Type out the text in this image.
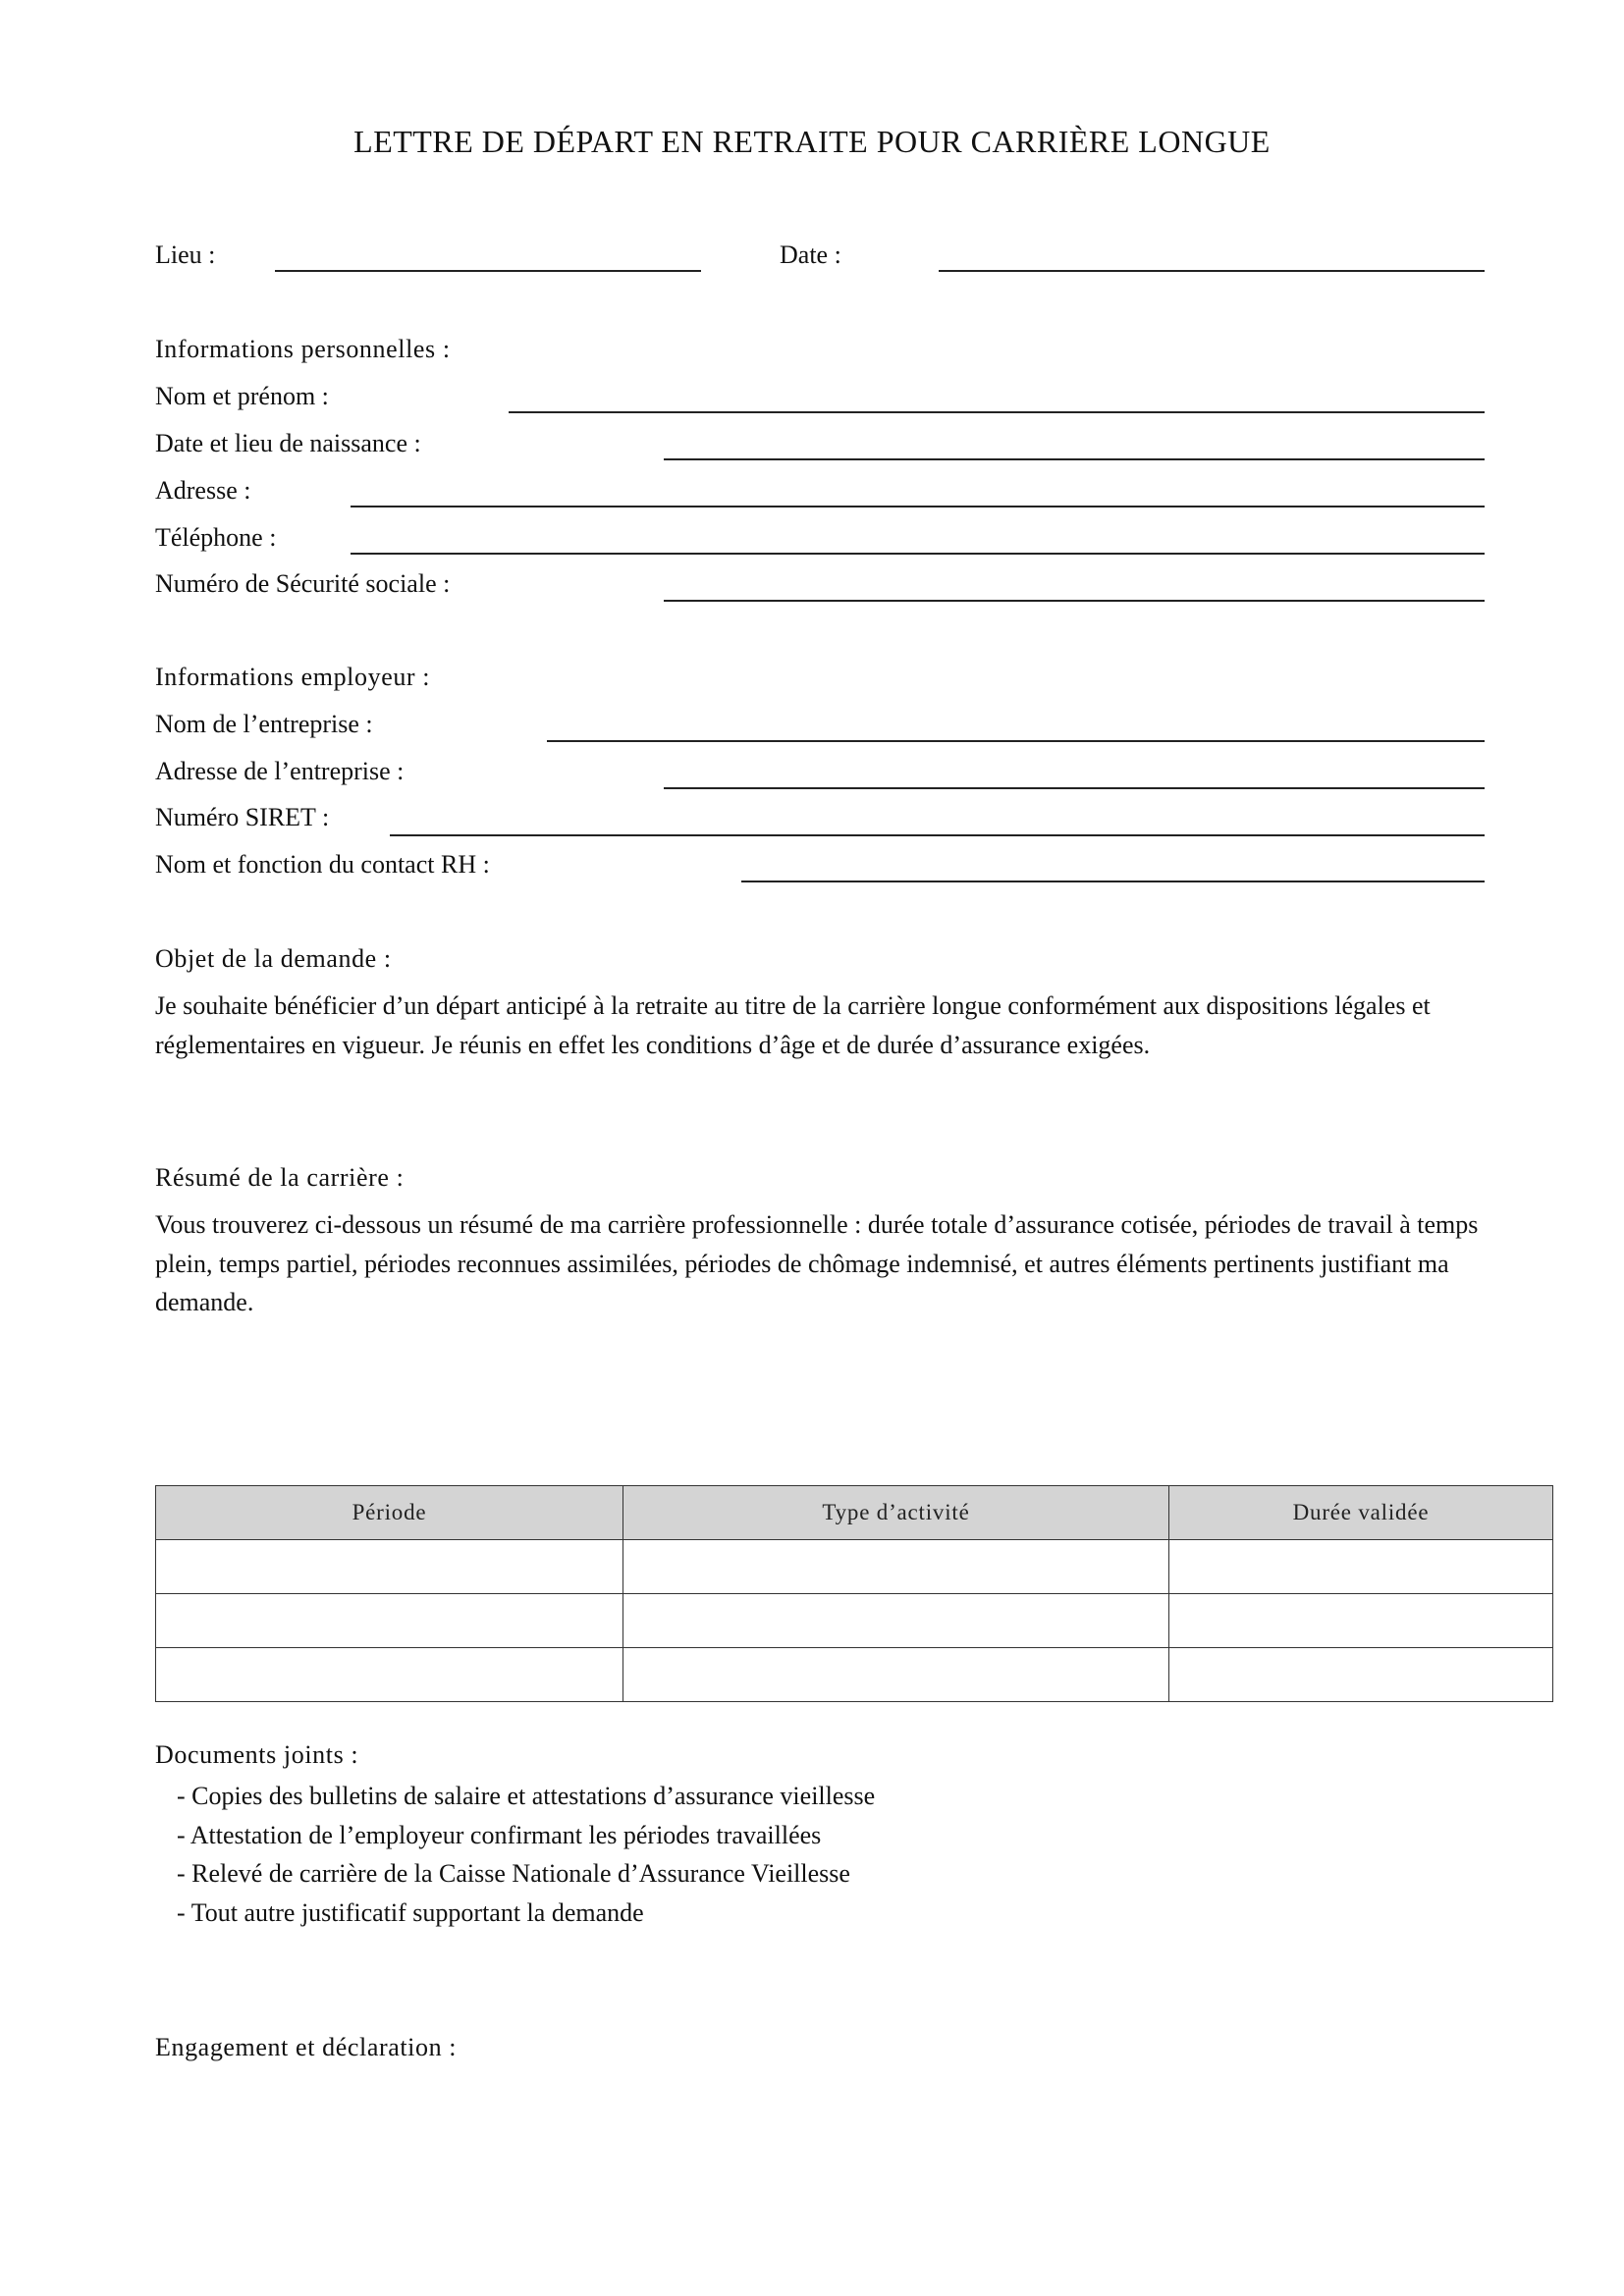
LETTRE DE DÉPART EN RETRAITE POUR CARRIÈRE LONGUE
Lieu :	Date :
Informations personnelles :
Nom et prénom :
Date et lieu de naissance :
Adresse :
Téléphone :
Numéro de Sécurité sociale :
Informations employeur :
Nom de l’entreprise :
Adresse de l’entreprise :
Numéro SIRET :
Nom et fonction du contact RH :
Objet de la demande :
Je souhaite bénéficier d’un départ anticipé à la retraite au titre de la carrière longue conformément aux dispositions légales et réglementaires en vigueur. Je réunis en effet les conditions d’âge et de durée d’assurance exigées.
Résumé de la carrière :
Vous trouverez ci-dessous un résumé de ma carrière professionnelle : durée totale d’assurance cotisée, périodes de travail à temps plein, temps partiel, périodes reconnues assimilées, périodes de chômage indemnisé, et autres éléments pertinents justifiant ma demande.
Période	Type d’activité	Durée validée

Documents joints :
- Copies des bulletins de salaire et attestations d’assurance vieillesse
- Attestation de l’employeur confirmant les périodes travaillées
- Relevé de carrière de la Caisse Nationale d’Assurance Vieillesse
- Tout autre justificatif supportant la demande
Engagement et déclaration :
